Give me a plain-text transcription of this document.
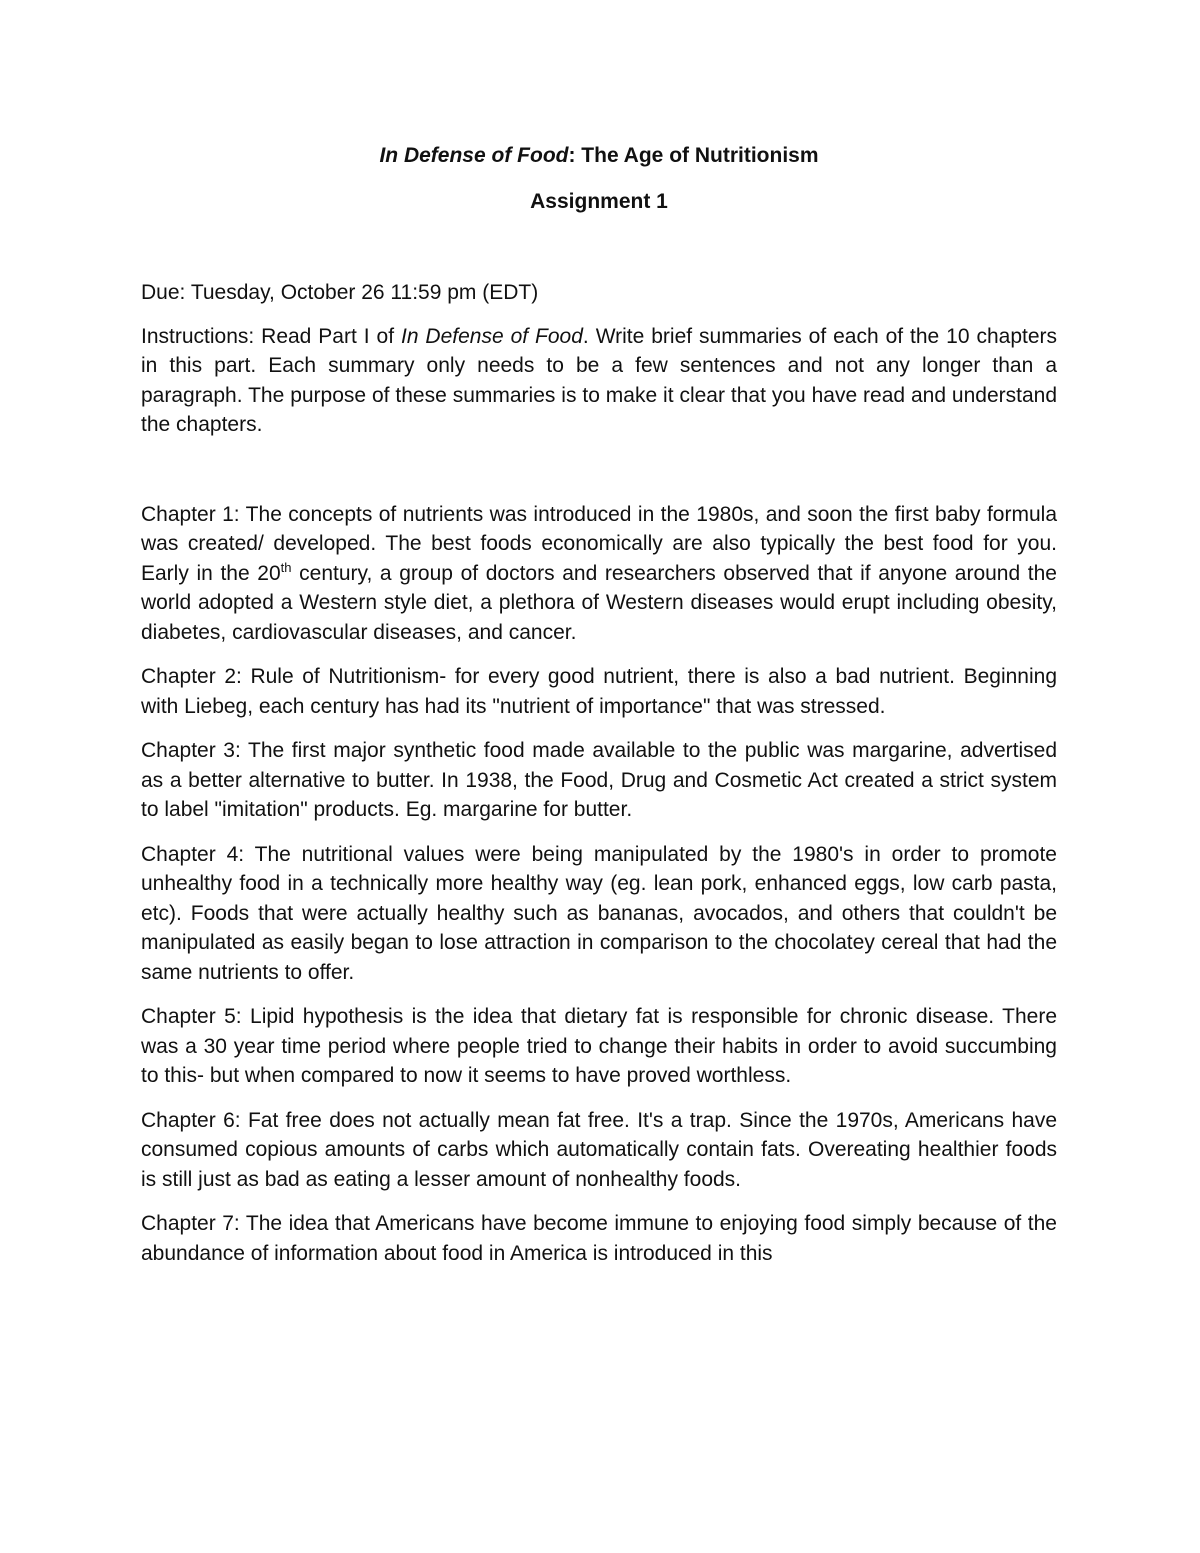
In Defense of Food: The Age of Nutritionism

Assignment 1

Due: Tuesday, October 26 11:59 pm (EDT)

Instructions: Read Part I of In Defense of Food. Write brief summaries of each of the 10 chapters in this part. Each summary only needs to be a few sentences and not any longer than a paragraph. The purpose of these summaries is to make it clear that you have read and understand the chapters.

Chapter 1: The concepts of nutrients was introduced in the 1980s, and soon the first baby formula was created/ developed. The best foods economically are also typically the best food for you. Early in the 20th century, a group of doctors and researchers observed that if anyone around the world adopted a Western style diet, a plethora of Western diseases would erupt including obesity, diabetes, cardiovascular diseases, and cancer.

Chapter 2: Rule of Nutritionism- for every good nutrient, there is also a bad nutrient. Beginning with Liebeg, each century has had its "nutrient of importance" that was stressed.

Chapter 3: The first major synthetic food made available to the public was margarine, advertised as a better alternative to butter. In 1938, the Food, Drug and Cosmetic Act created a strict system to label "imitation" products. Eg. margarine for butter.

Chapter 4: The nutritional values were being manipulated by the 1980's in order to promote unhealthy food in a technically more healthy way (eg. lean pork, enhanced eggs, low carb pasta, etc). Foods that were actually healthy such as bananas, avocados, and others that couldn't be manipulated as easily began to lose attraction in comparison to the chocolatey cereal that had the same nutrients to offer.

Chapter 5: Lipid hypothesis is the idea that dietary fat is responsible for chronic disease. There was a 30 year time period where people tried to change their habits in order to avoid succumbing to this- but when compared to now it seems to have proved worthless.

Chapter 6: Fat free does not actually mean fat free. It's a trap. Since the 1970s, Americans have consumed copious amounts of carbs which automatically contain fats. Overeating healthier foods is still just as bad as eating a lesser amount of nonhealthy foods.

Chapter 7: The idea that Americans have become immune to enjoying food simply because of the abundance of information about food in America is introduced in this
